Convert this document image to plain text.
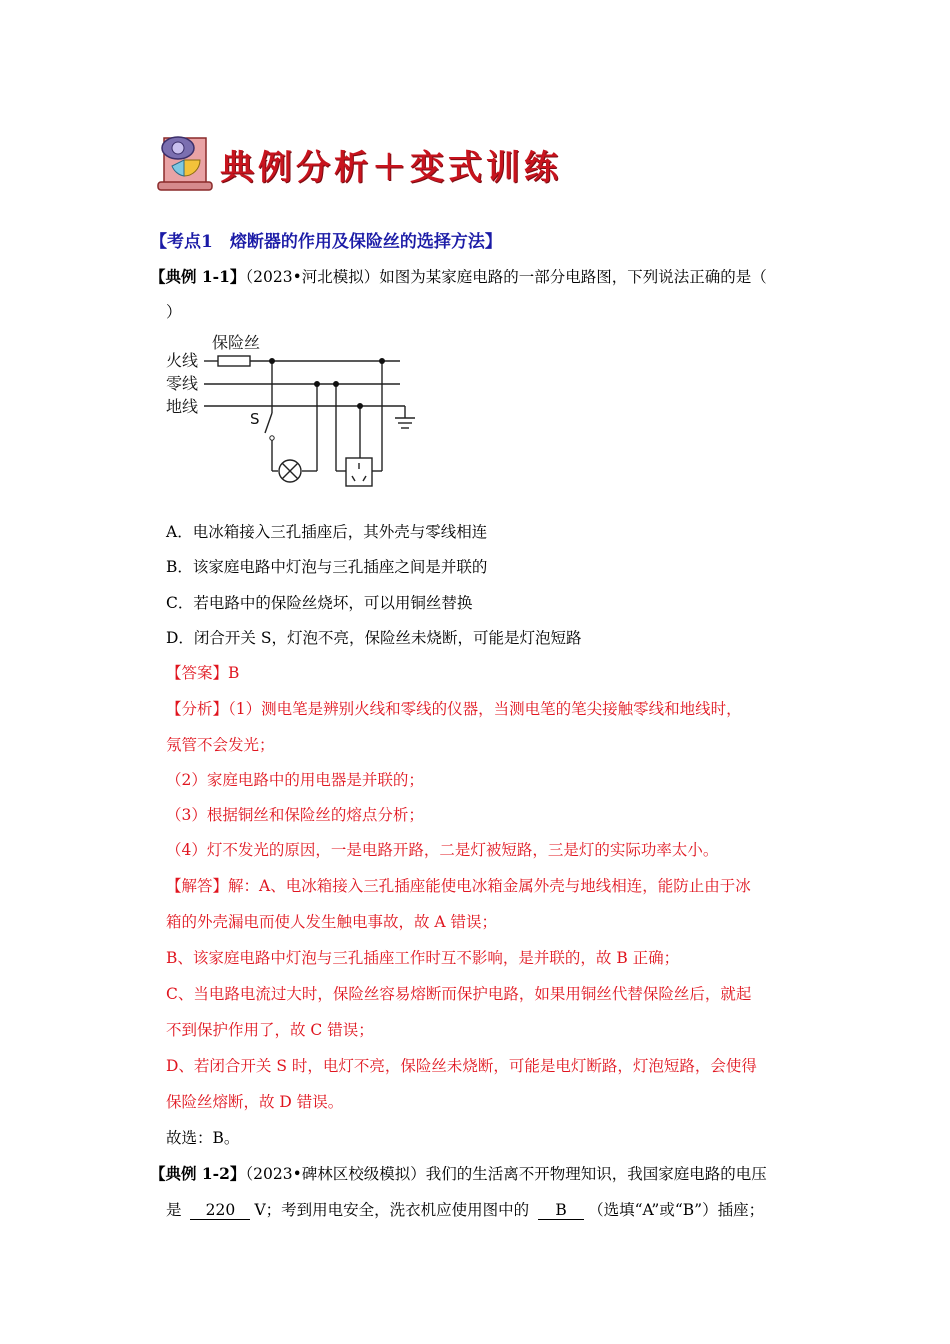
典例分析＋变式训练
【考点1　熔断器的作用及保险丝的选择方法】
【典例 1-1】（2023•河北模拟）如图为某家庭电路的一部分电路图，下列说法正确的是（
）
保险丝
火线
零线
地线
S
A．电冰箱接入三孔插座后，其外壳与零线相连
B．该家庭电路中灯泡与三孔插座之间是并联的
C．若电路中的保险丝烧坏，可以用铜丝替换
D．闭合开关 S，灯泡不亮，保险丝未烧断，可能是灯泡短路
【答案】B
【分析】（1）测电笔是辨别火线和零线的仪器，当测电笔的笔尖接触零线和地线时，
氖管不会发光；
（2）家庭电路中的用电器是并联的；
（3）根据铜丝和保险丝的熔点分析；
（4）灯不发光的原因，一是电路开路，二是灯被短路，三是灯的实际功率太小。
【解答】解：A、电冰箱接入三孔插座能使电冰箱金属外壳与地线相连，能防止由于冰
箱的外壳漏电而使人发生触电事故，故 A 错误；
B、该家庭电路中灯泡与三孔插座工作时互不影响，是并联的，故 B 正确；
C、当电路电流过大时，保险丝容易熔断而保护电路，如果用铜丝代替保险丝后，就起
不到保护作用了，故 C 错误；
D、若闭合开关 S 时，电灯不亮，保险丝未烧断，可能是电灯断路，灯泡短路，会使得
保险丝熔断，故 D 错误。
故选：B。
【典例 1-2】（2023•碑林区校级模拟）我们的生活离不开物理知识，我国家庭电路的电压
是 220 V；考到用电安全，洗衣机应使用图中的 B （选填“A”或“B”）插座；
